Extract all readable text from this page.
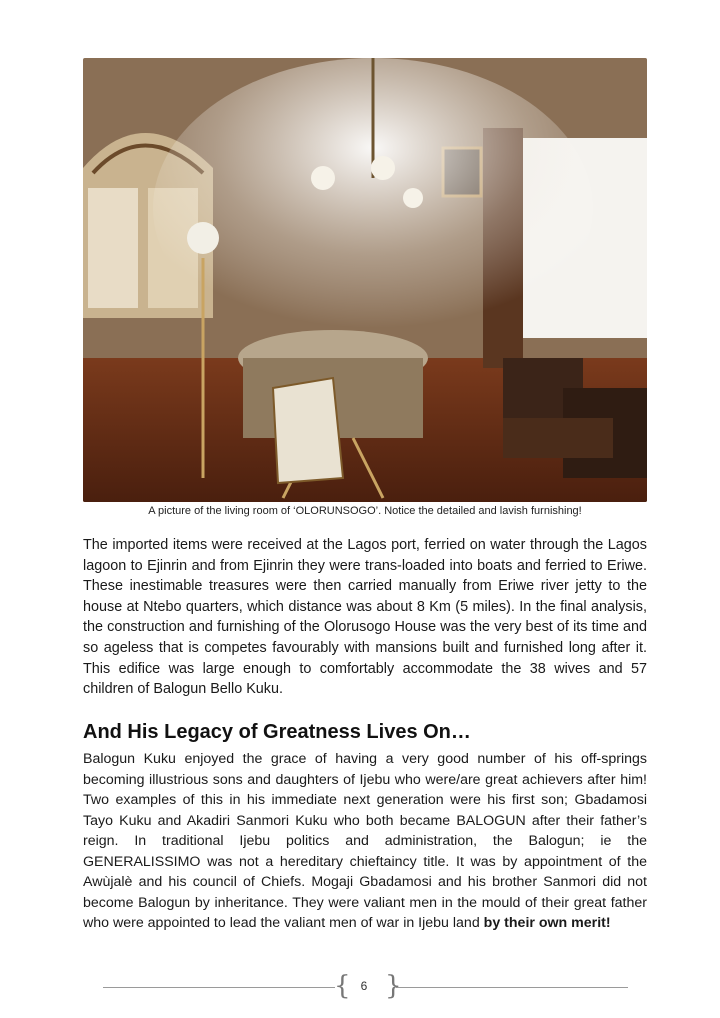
A picture of the living room of ‘OLORUNSOGO’. Notice the detailed and lavish furnishing!

The imported items were received at the Lagos port, ferried on water through the Lagos lagoon to Ejinrin and from Ejinrin they were trans-loaded into boats and ferried to Eriwe. These inestimable treasures were then carried manually from Eriwe river jetty to the house at Ntebo quarters, which distance was about 8 Km (5 miles). In the final analysis, the construction and furnishing of the Olorusogo House was the very best of its time and so ageless that is competes favourably with mansions built and furnished long after it. This edifice was large enough to comfortably accommodate the 38 wives and 57 children of Balogun Bello Kuku.

And His Legacy of Greatness Lives On…

Balogun Kuku enjoyed the grace of having a very good number of his off-springs becoming illustrious sons and daughters of Ijebu who were/are great achievers after him! Two examples of this in his immediate next generation were his first son; Gbadamosi Tayo Kuku and Akadiri Sanmori Kuku who both became BALOGUN after their father’s reign. In traditional Ijebu politics and administration, the Balogun; ie the GENERALISSIMO was not a hereditary chieftaincy title. It was by appointment of the Awùjalè and his council of Chiefs. Mogaji Gbadamosi and his brother Sanmori did not become Balogun by inheritance. They were valiant men in the mould of their great father who were appointed to lead the valiant men of war in Ijebu land by their own merit!

{ 6 }
